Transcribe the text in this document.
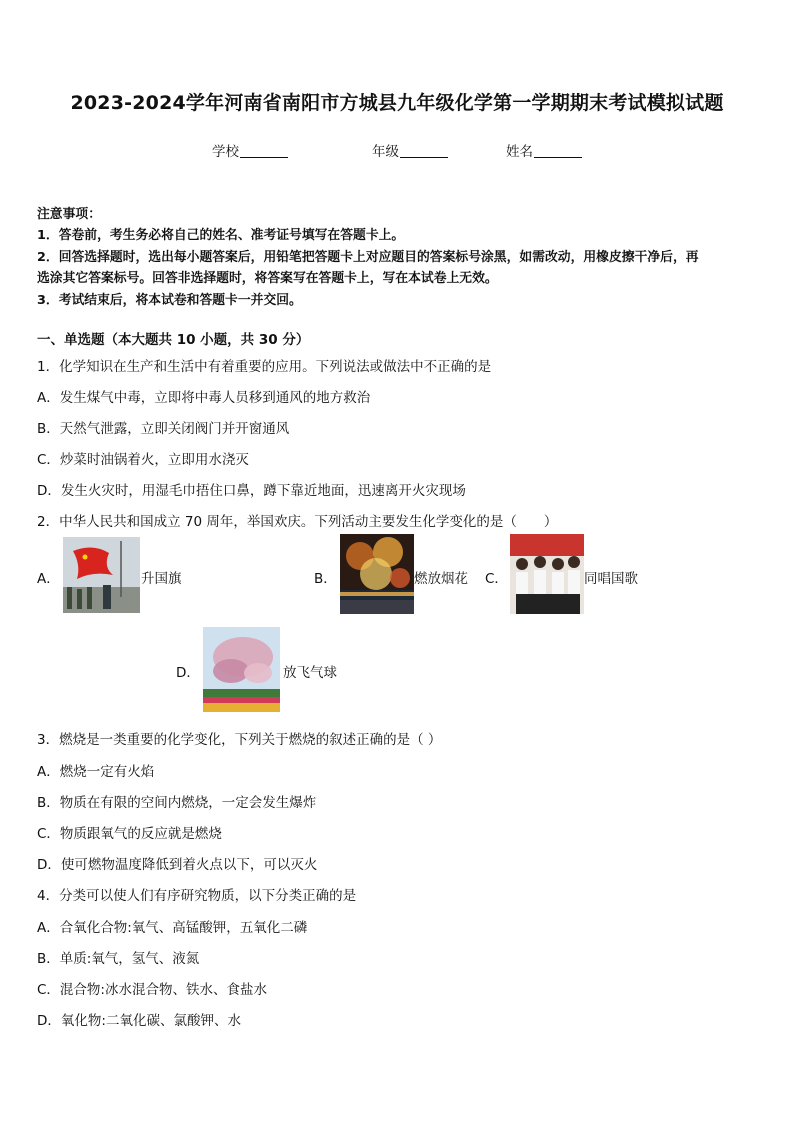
2023-2024学年河南省南阳市方城县九年级化学第一学期期末考试模拟试题
学校	年级	姓名
注意事项：
1．答卷前，考生务必将自己的姓名、准考证号填写在答题卡上。
2．回答选择题时，选出每小题答案后，用铅笔把答题卡上对应题目的答案标号涂黑，如需改动，用橡皮擦干净后，再
选涂其它答案标号。回答非选择题时，将答案写在答题卡上，写在本试卷上无效。
3．考试结束后，将本试卷和答题卡一并交回。
一、单选题（本大题共 10 小题，共 30 分）
1．化学知识在生产和生活中有着重要的应用。下列说法或做法中不正确的是
A．发生煤气中毒，立即将中毒人员移到通风的地方救治
B．天然气泄露，立即关闭阀门并开窗通风
C．炒菜时油锅着火，立即用水浇灭
D．发生火灾时，用湿毛巾捂住口鼻，蹲下靠近地面，迅速离开火灾现场
2．中华人民共和国成立 70 周年，举国欢庆。下列活动主要发生化学变化的是（　　）
A．	升国旗	B．	燃放烟花 C．	同唱国歌
D．	放飞气球
3．燃烧是一类重要的化学变化，下列关于燃烧的叙述正确的是（ ）
A．燃烧一定有火焰
B．物质在有限的空间内燃烧，一定会发生爆炸
C．物质跟氧气的反应就是燃烧
D．使可燃物温度降低到着火点以下，可以灭火
4．分类可以使人们有序研究物质，以下分类正确的是
A．合氧化合物:氧气、高锰酸钾，五氧化二磷
B．单质:氧气，氢气、液氮
C．混合物:冰水混合物、铁水、食盐水
D．氧化物:二氧化碳、氯酸钾、水
